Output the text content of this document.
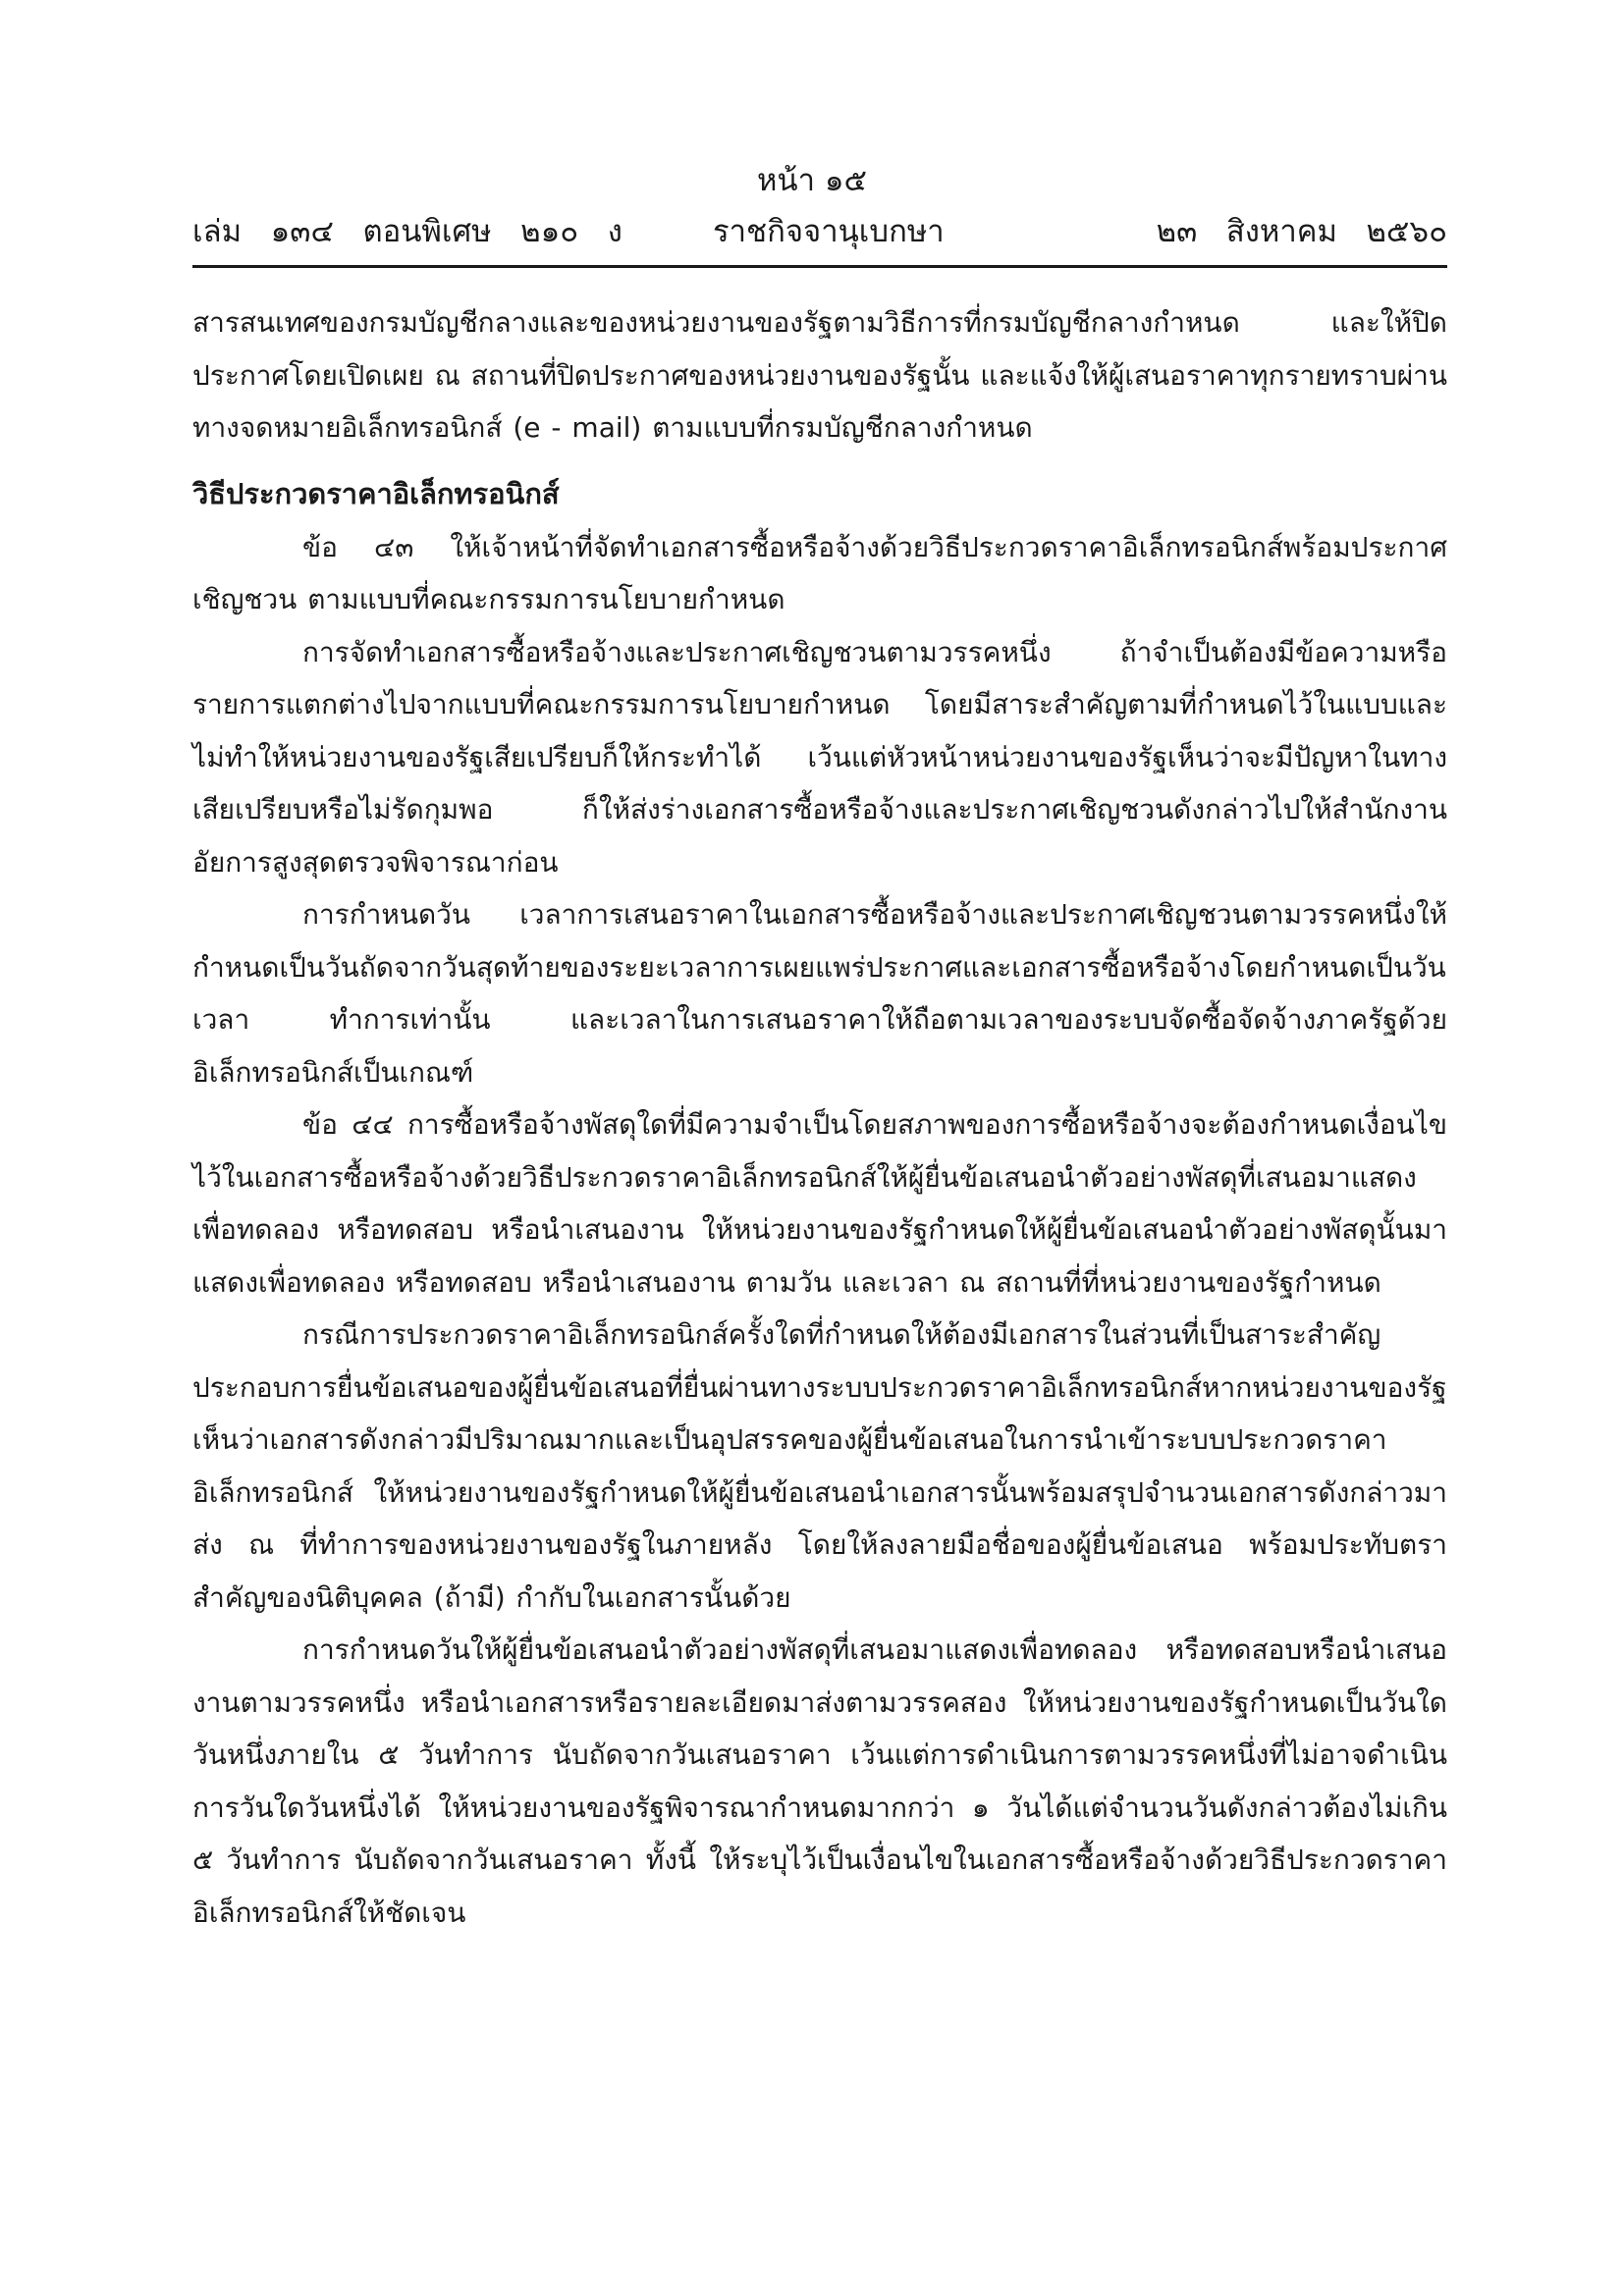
หน้า ๑๕
เล่ม   ๑๓๔   ตอนพิเศษ   ๒๑๐   ง	ราชกิจจานุเบกษา	๒๓   สิงหาคม   ๒๕๖๐

สารสนเทศของกรมบัญชีกลางและของหน่วยงานของรัฐตามวิธีการที่กรมบัญชีกลางกำหนด และให้ปิดประกาศโดยเปิดเผย ณ สถานที่ปิดประกาศของหน่วยงานของรัฐนั้น และแจ้งให้ผู้เสนอราคาทุกรายทราบผ่านทางจดหมายอิเล็กทรอนิกส์ (e - mail) ตามแบบที่กรมบัญชีกลางกำหนด

วิธีประกวดราคาอิเล็กทรอนิกส์

ข้อ ๔๓ ให้เจ้าหน้าที่จัดทำเอกสารซื้อหรือจ้างด้วยวิธีประกวดราคาอิเล็กทรอนิกส์พร้อมประกาศเชิญชวน ตามแบบที่คณะกรรมการนโยบายกำหนด

การจัดทำเอกสารซื้อหรือจ้างและประกาศเชิญชวนตามวรรคหนึ่ง ถ้าจำเป็นต้องมีข้อความหรือรายการแตกต่างไปจากแบบที่คณะกรรมการนโยบายกำหนด โดยมีสาระสำคัญตามที่กำหนดไว้ในแบบและไม่ทำให้หน่วยงานของรัฐเสียเปรียบก็ให้กระทำได้ เว้นแต่หัวหน้าหน่วยงานของรัฐเห็นว่าจะมีปัญหาในทางเสียเปรียบหรือไม่รัดกุมพอ ก็ให้ส่งร่างเอกสารซื้อหรือจ้างและประกาศเชิญชวนดังกล่าวไปให้สำนักงานอัยการสูงสุดตรวจพิจารณาก่อน

การกำหนดวัน เวลาการเสนอราคาในเอกสารซื้อหรือจ้างและประกาศเชิญชวนตามวรรคหนึ่งให้กำหนดเป็นวันถัดจากวันสุดท้ายของระยะเวลาการเผยแพร่ประกาศและเอกสารซื้อหรือจ้างโดยกำหนดเป็นวัน เวลา ทำการเท่านั้น และเวลาในการเสนอราคาให้ถือตามเวลาของระบบจัดซื้อจัดจ้างภาครัฐด้วยอิเล็กทรอนิกส์เป็นเกณฑ์

ข้อ ๔๔ การซื้อหรือจ้างพัสดุใดที่มีความจำเป็นโดยสภาพของการซื้อหรือจ้างจะต้องกำหนดเงื่อนไขไว้ในเอกสารซื้อหรือจ้างด้วยวิธีประกวดราคาอิเล็กทรอนิกส์ให้ผู้ยื่นข้อเสนอนำตัวอย่างพัสดุที่เสนอมาแสดงเพื่อทดลอง หรือทดสอบ หรือนำเสนองาน ให้หน่วยงานของรัฐกำหนดให้ผู้ยื่นข้อเสนอนำตัวอย่างพัสดุนั้นมาแสดงเพื่อทดลอง หรือทดสอบ หรือนำเสนองาน ตามวัน และเวลา ณ สถานที่ที่หน่วยงานของรัฐกำหนด

กรณีการประกวดราคาอิเล็กทรอนิกส์ครั้งใดที่กำหนดให้ต้องมีเอกสารในส่วนที่เป็นสาระสำคัญประกอบการยื่นข้อเสนอของผู้ยื่นข้อเสนอที่ยื่นผ่านทางระบบประกวดราคาอิเล็กทรอนิกส์หากหน่วยงานของรัฐเห็นว่าเอกสารดังกล่าวมีปริมาณมากและเป็นอุปสรรคของผู้ยื่นข้อเสนอในการนำเข้าระบบประกวดราคาอิเล็กทรอนิกส์ ให้หน่วยงานของรัฐกำหนดให้ผู้ยื่นข้อเสนอนำเอกสารนั้นพร้อมสรุปจำนวนเอกสารดังกล่าวมาส่ง ณ ที่ทำการของหน่วยงานของรัฐในภายหลัง โดยให้ลงลายมือชื่อของผู้ยื่นข้อเสนอ พร้อมประทับตราสำคัญของนิติบุคคล (ถ้ามี) กำกับในเอกสารนั้นด้วย

การกำหนดวันให้ผู้ยื่นข้อเสนอนำตัวอย่างพัสดุที่เสนอมาแสดงเพื่อทดลอง หรือทดสอบหรือนำเสนองานตามวรรคหนึ่ง หรือนำเอกสารหรือรายละเอียดมาส่งตามวรรคสอง ให้หน่วยงานของรัฐกำหนดเป็นวันใดวันหนึ่งภายใน ๕ วันทำการ นับถัดจากวันเสนอราคา เว้นแต่การดำเนินการตามวรรคหนึ่งที่ไม่อาจดำเนินการวันใดวันหนึ่งได้ ให้หน่วยงานของรัฐพิจารณากำหนดมากกว่า ๑ วันได้แต่จำนวนวันดังกล่าวต้องไม่เกิน ๕ วันทำการ นับถัดจากวันเสนอราคา ทั้งนี้ ให้ระบุไว้เป็นเงื่อนไขในเอกสารซื้อหรือจ้างด้วยวิธีประกวดราคาอิเล็กทรอนิกส์ให้ชัดเจน
